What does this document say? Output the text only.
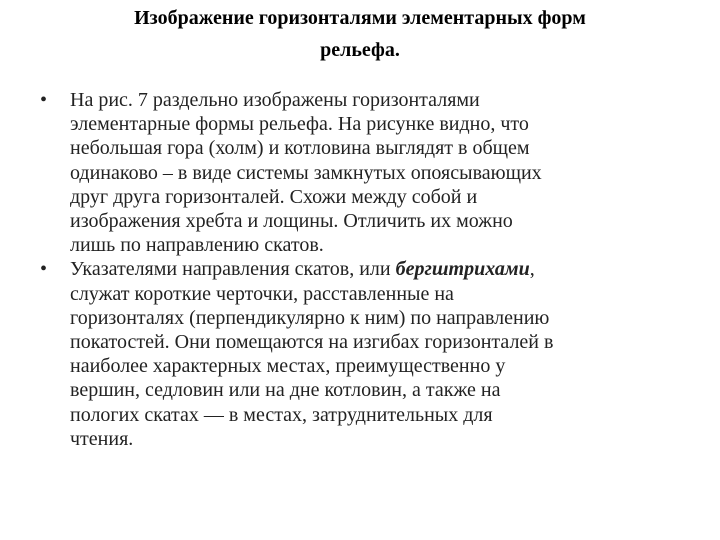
Изображение горизонталями элементарных форм
рельефа.
• На рис. 7 раздельно изображены горизонталями
элементарные формы рельефа. На рисунке видно, что
небольшая гора (холм) и котловина выглядят в общем
одинаково – в виде системы замкнутых опоясывающих
друг друга горизонталей. Схожи между собой и
изображения хребта и лощины. Отличить их можно
лишь по направлению скатов.
• Указателями направления скатов, или бергштрихами,
служат короткие черточки, расставленные на
горизонталях (перпендикулярно к ним) по направлению
покатостей. Они помещаются на изгибах горизонталей в
наиболее характерных местах, преимущественно у
вершин, седловин или на дне котловин, а также на
пологих скатах — в местах, затруднительных для
чтения.
